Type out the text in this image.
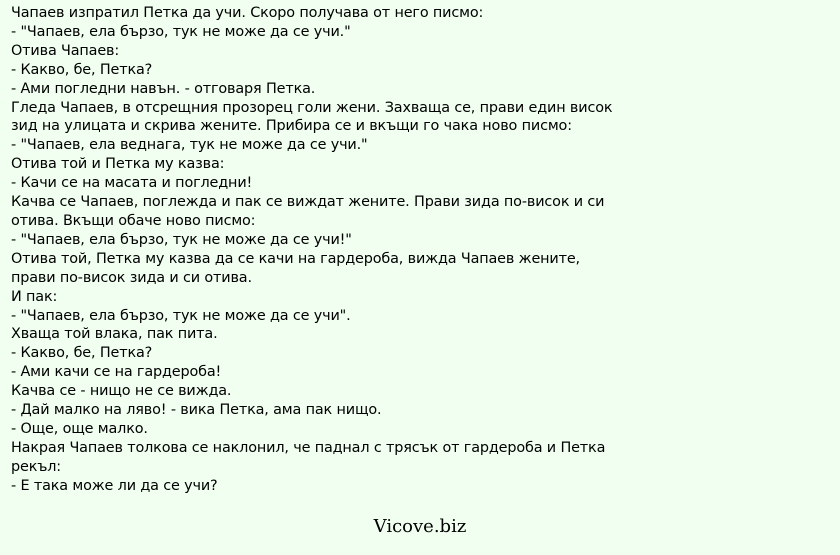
Чапаев изпратил Петка да учи. Скоро получава от него писмо:
- "Чапаев, ела бързо, тук не може да се учи."
Отива Чапаев:
- Какво, бе, Петка?
- Ами погледни навън. - отговаря Петка.
Гледа Чапаев, в отсрещния прозорец голи жени. Захваща се, прави един висок
зид на улицата и скрива жените. Прибира се и вкъщи го чака ново писмо:
- "Чапаев, ела веднага, тук не може да се учи."
Отива той и Петка му казва:
- Качи се на масата и погледни!
Качва се Чапаев, поглежда и пак се виждат жените. Прави зида по-висок и си
отива. Вкъщи обаче ново писмо:
- "Чапаев, ела бързо, тук не може да се учи!"
Отива той, Петка му казва да се качи на гардероба, вижда Чапаев жените,
прави по-висок зида и си отива.
И пак:
- "Чапаев, ела бързо, тук не може да се учи".
Хваща той влака, пак пита.
- Какво, бе, Петка?
- Ами качи се на гардероба!
Качва се - нищо не се вижда.
- Дай малко на ляво! - вика Петка, ама пак нищо.
- Още, още малко.
Накрая Чапаев толкова се наклонил, че паднал с трясък от гардероба и Петка
рекъл:
- Е така може ли да се учи?
Vicove.biz
